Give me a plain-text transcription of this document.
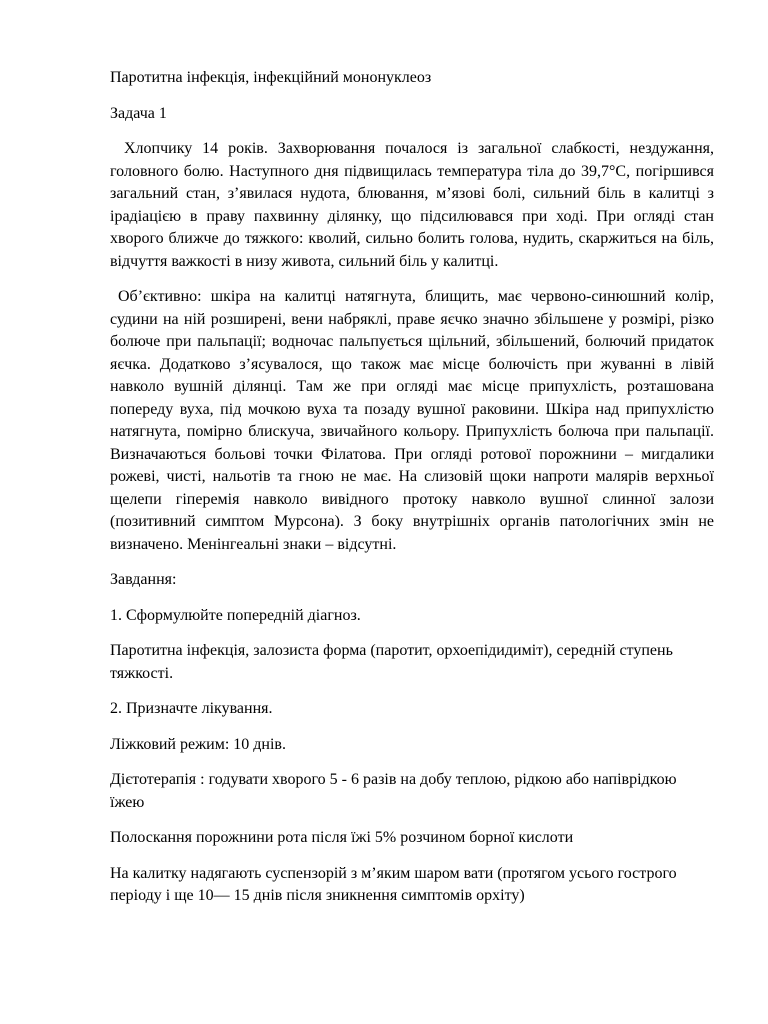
Паротитна інфекція, інфекційний мононуклеоз

Задача 1

Хлопчику 14 років. Захворювання почалося із загальної слабкості, нездужання, головного болю. Наступного дня підвищилась температура тіла до 39,7°С, погіршився загальний стан, з’явилася нудота, блювання, м’язові болі, сильний біль в калитці з ірадіацією в праву пахвинну ділянку, що підсилювався при ході. При огляді стан хворого ближче до тяжкого: кволий, сильно болить голова, нудить, скаржиться на біль, відчуття важкості в низу живота, сильний біль у калитці.

Об’єктивно: шкіра на калитці натягнута, блищить, має червоно-синюшний колір, судини на ній розширені, вени набряклі, праве яєчко значно збільшене у розмірі, різко болюче при пальпації; водночас пальпується щільний, збільшений, болючий придаток яєчка. Додатково з’ясувалося, що також має місце болючість при жуванні в лівій навколо вушній ділянці. Там же при огляді має місце припухлість, розташована попереду вуха, під мочкою вуха та позаду вушної раковини. Шкіра над припухлістю натягнута, помірно блискуча, звичайного кольору. Припухлість болюча при пальпації. Визначаються больові точки Філатова. При огляді ротової порожнини – мигдалики рожеві, чисті, нальотів та гною не має. На слизовій щоки напроти малярів верхньої щелепи гіперемія навколо вивідного протоку навколо вушної слинної залози (позитивний симптом Мурсона). З боку внутрішніх органів патологічних змін не визначено. Менінгеальні знаки – відсутні.

Завдання:

1. Сформулюйте попередній діагноз.

Паротитна інфекція, залозиста форма (паротит, орхоепідидиміт), середній ступень тяжкості.

2. Призначте лікування.

Ліжковий режим: 10 днів.

Дієтотерапія : годувати хворого 5 - 6 разів на добу теплою, рідкою або напіврідкою їжею

Полоскання порожнини рота після їжі 5% розчином борної кислоти

На калитку надягають суспензорій з м’яким шаром вати (протягом усього гострого періоду і ще 10— 15 днів після зникнення симптомів орхіту)
